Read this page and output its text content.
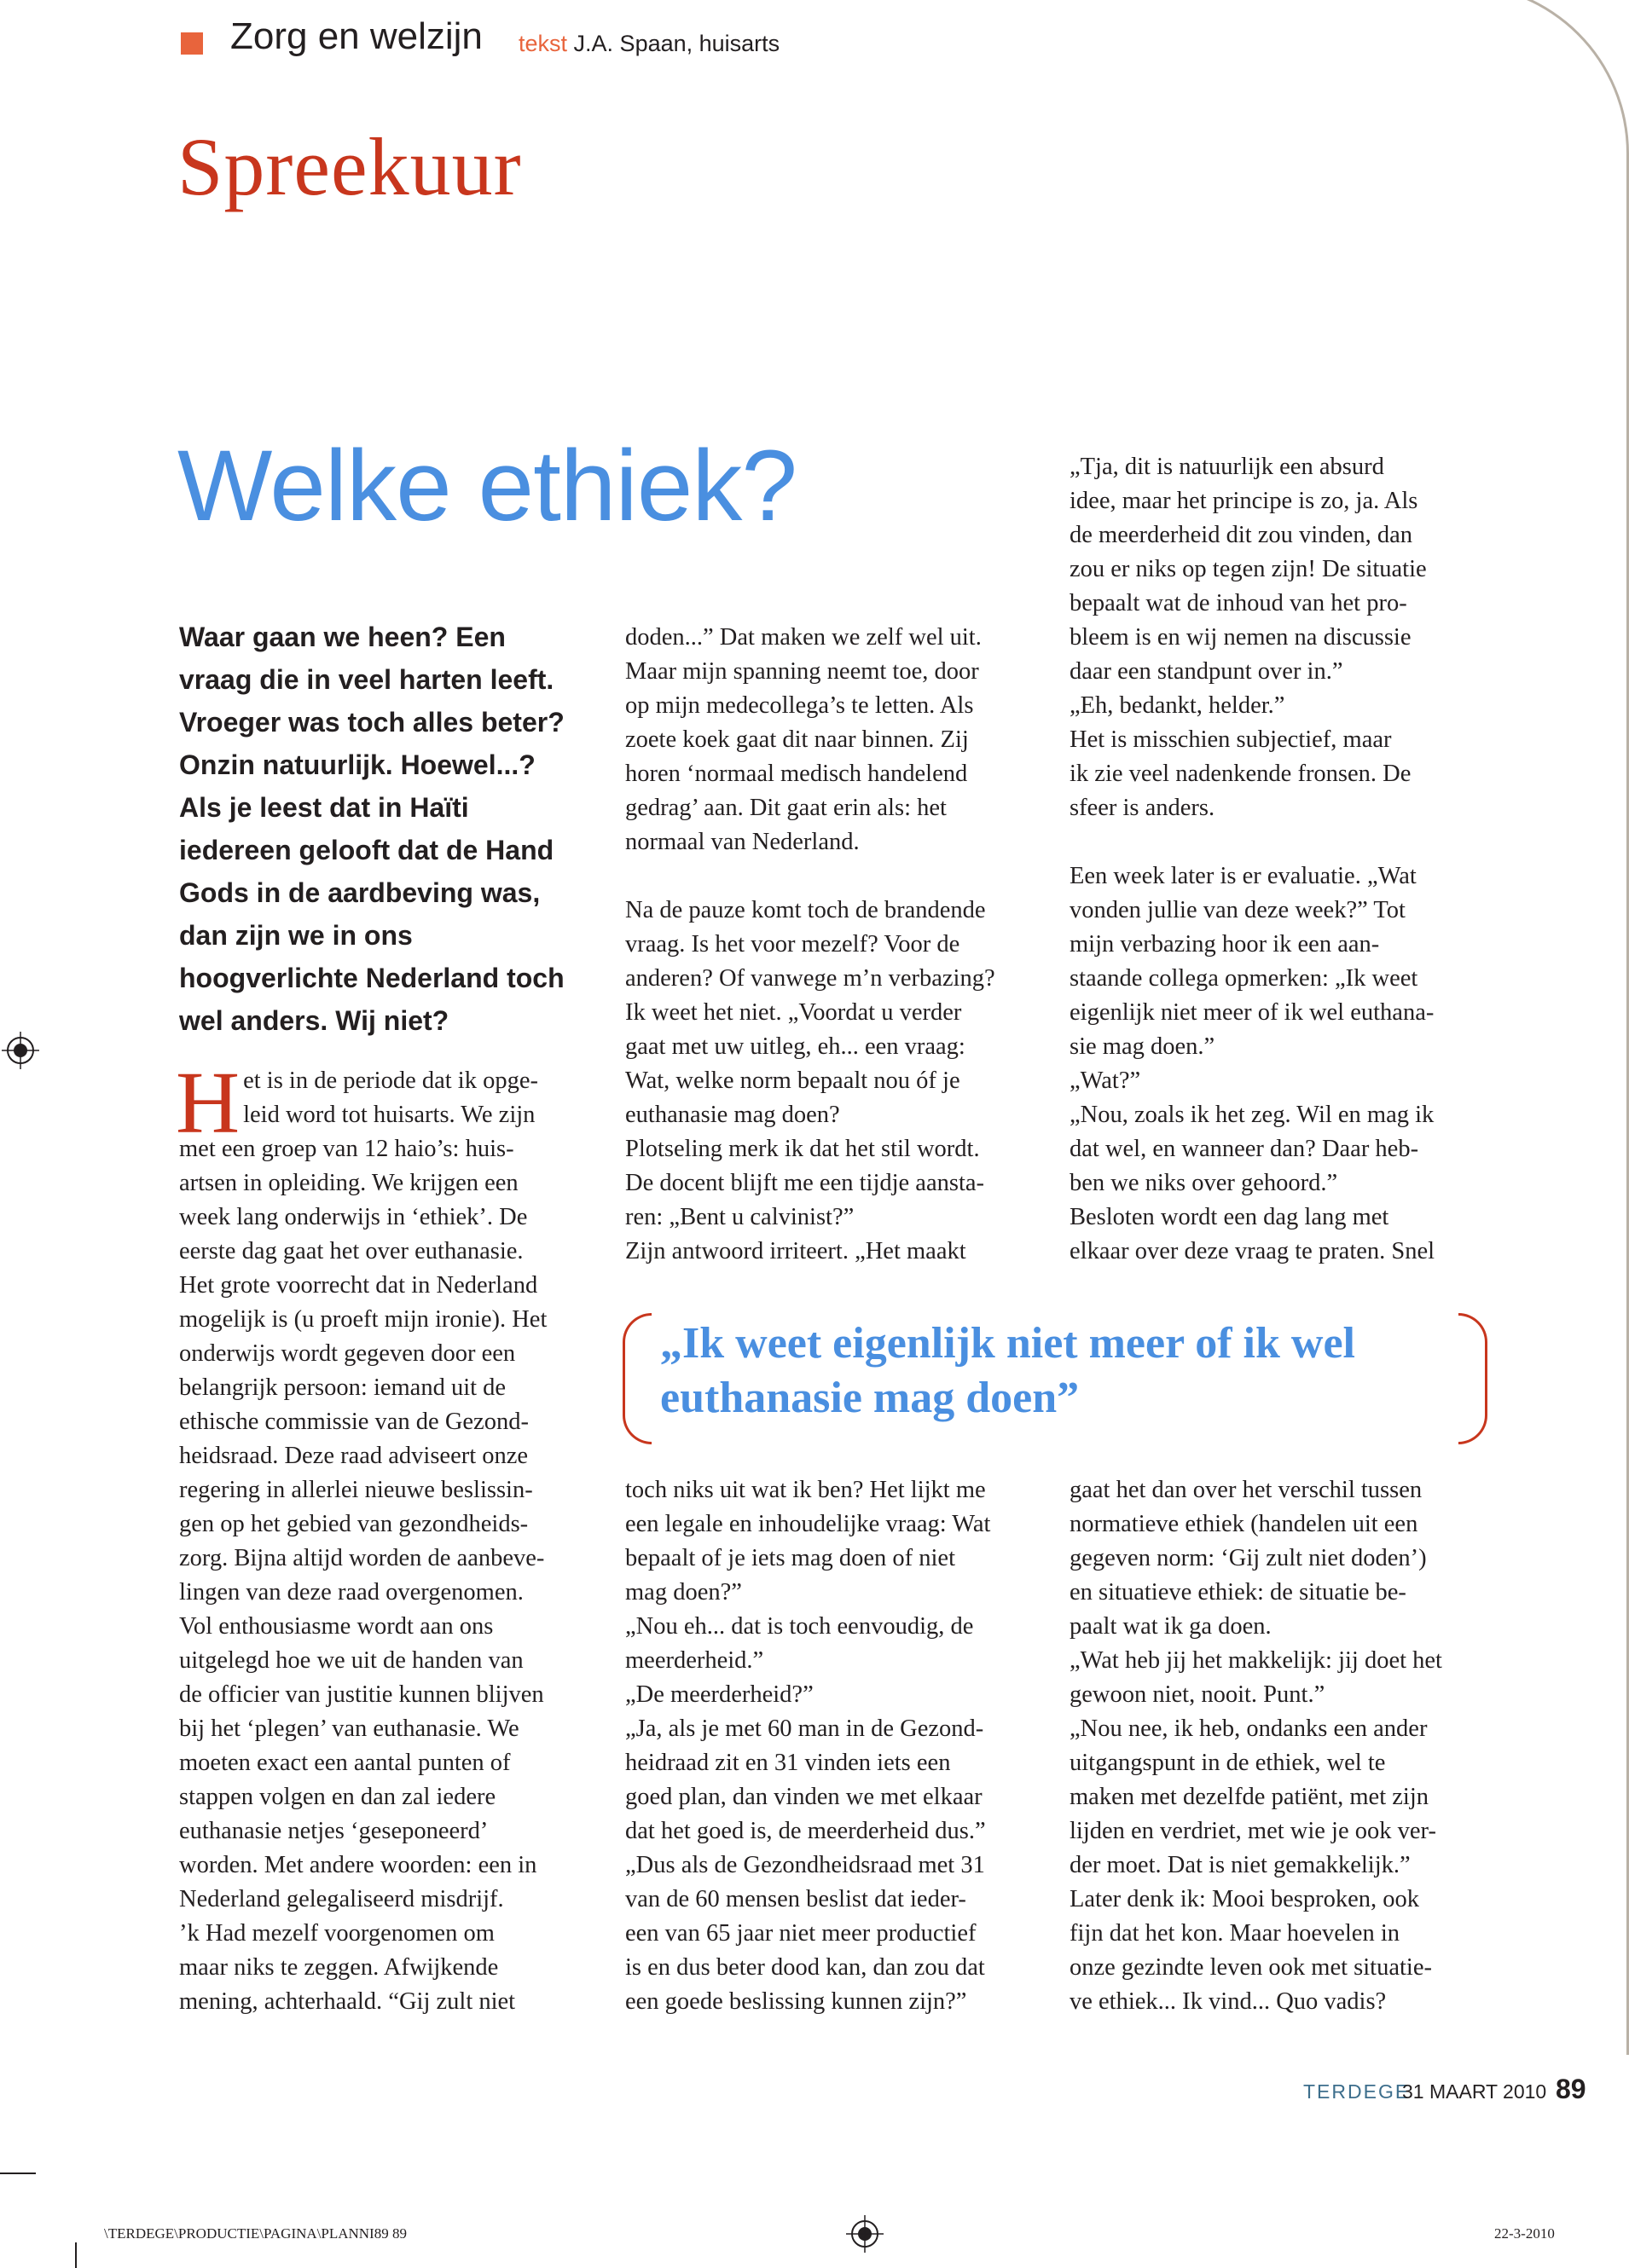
Zorg en welzijn tekst J.A. Spaan, huisarts
Spreekuur
Welke ethiek?
Waar gaan we heen? Een vraag die in veel harten leeft. Vroeger was toch alles beter? Onzin natuurlijk. Hoewel...? Als je leest dat in Haïti iedereen gelooft dat de Hand Gods in de aardbeving was, dan zijn we in ons hoogverlichte Nederland toch wel anders. Wij niet?

Het is in de periode dat ik opge-
leid word tot huisarts. We zijn
met een groep van 12 haio’s: huis-
artsen in opleiding. We krijgen een
week lang onderwijs in ‘ethiek’. De
eerste dag gaat het over euthanasie.
Het grote voorrecht dat in Nederland
mogelijk is (u proeft mijn ironie). Het
onderwijs wordt gegeven door een
belangrijk persoon: iemand uit de
ethische commissie van de Gezond-
heidsraad. Deze raad adviseert onze
regering in allerlei nieuwe beslissin-
gen op het gebied van gezondheids-
zorg. Bijna altijd worden de aanbeve-
lingen van deze raad overgenomen.
Vol enthousiasme wordt aan ons
uitgelegd hoe we uit de handen van
de officier van justitie kunnen blijven
bij het ‘plegen’ van euthanasie. We
moeten exact een aantal punten of
stappen volgen en dan zal iedere
euthanasie netjes ‘geseponeerd’
worden. Met andere woorden: een in
Nederland gelegaliseerd misdrijf.
’k Had mezelf voorgenomen om
maar niks te zeggen. Afwijkende
mening, achterhaald. “Gij zult niet

doden...” Dat maken we zelf wel uit.
Maar mijn spanning neemt toe, door
op mijn medecollega’s te letten. Als
zoete koek gaat dit naar binnen. Zij
horen ‘normaal medisch handelend
gedrag’ aan. Dit gaat erin als: het
normaal van Nederland.

Na de pauze komt toch de brandende
vraag. Is het voor mezelf? Voor de
anderen? Of vanwege m’n verbazing?
Ik weet het niet. „Voordat u verder
gaat met uw uitleg, eh... een vraag:
Wat, welke norm bepaalt nou óf je
euthanasie mag doen?
Plotseling merk ik dat het stil wordt.
De docent blijft me een tijdje aansta-
ren: „Bent u calvinist?”
Zijn antwoord irriteert. „Het maakt

„Tja, dit is natuurlijk een absurd
idee, maar het principe is zo, ja. Als
de meerderheid dit zou vinden, dan
zou er niks op tegen zijn! De situatie
bepaalt wat de inhoud van het pro-
bleem is en wij nemen na discussie
daar een standpunt over in.”
„Eh, bedankt, helder.”
Het is misschien subjectief, maar
ik zie veel nadenkende fronsen. De
sfeer is anders.

Een week later is er evaluatie. „Wat
vonden jullie van deze week?” Tot
mijn verbazing hoor ik een aan-
staande collega opmerken: „Ik weet
eigenlijk niet meer of ik wel euthana-
sie mag doen.”
„Wat?”
„Nou, zoals ik het zeg. Wil en mag ik
dat wel, en wanneer dan? Daar heb-
ben we niks over gehoord.”
Besloten wordt een dag lang met
elkaar over deze vraag te praten. Snel

„Ik weet eigenlijk niet meer of ik wel euthanasie mag doen”

toch niks uit wat ik ben? Het lijkt me
een legale en inhoudelijke vraag: Wat
bepaalt of je iets mag doen of niet
mag doen?”
„Nou eh... dat is toch eenvoudig, de
meerderheid.”
„De meerderheid?”
„Ja, als je met 60 man in de Gezond-
heidraad zit en 31 vinden iets een
goed plan, dan vinden we met elkaar
dat het goed is, de meerderheid dus.”
„Dus als de Gezondheidsraad met 31
van de 60 mensen beslist dat ieder-
een van 65 jaar niet meer productief
is en dus beter dood kan, dan zou dat
een goede beslissing kunnen zijn?”

gaat het dan over het verschil tussen
normatieve ethiek (handelen uit een
gegeven norm: ‘Gij zult niet doden’)
en situatieve ethiek: de situatie be-
paalt wat ik ga doen.
„Wat heb jij het makkelijk: jij doet het
gewoon niet, nooit. Punt.”
„Nou nee, ik heb, ondanks een ander
uitgangspunt in de ethiek, wel te
maken met dezelfde patiënt, met zijn
lijden en verdriet, met wie je ook ver-
der moet. Dat is niet gemakkelijk.”
Later denk ik: Mooi besproken, ook
fijn dat het kon. Maar hoevelen in
onze gezindte leven ook met situatie-
ve ethiek... Ik vind... Quo vadis?

TERDEGE
31 MAART 2010 89
\TERDEGE\PRODUCTIE\PAGINA\PLANNI89 89	22-3-2010
